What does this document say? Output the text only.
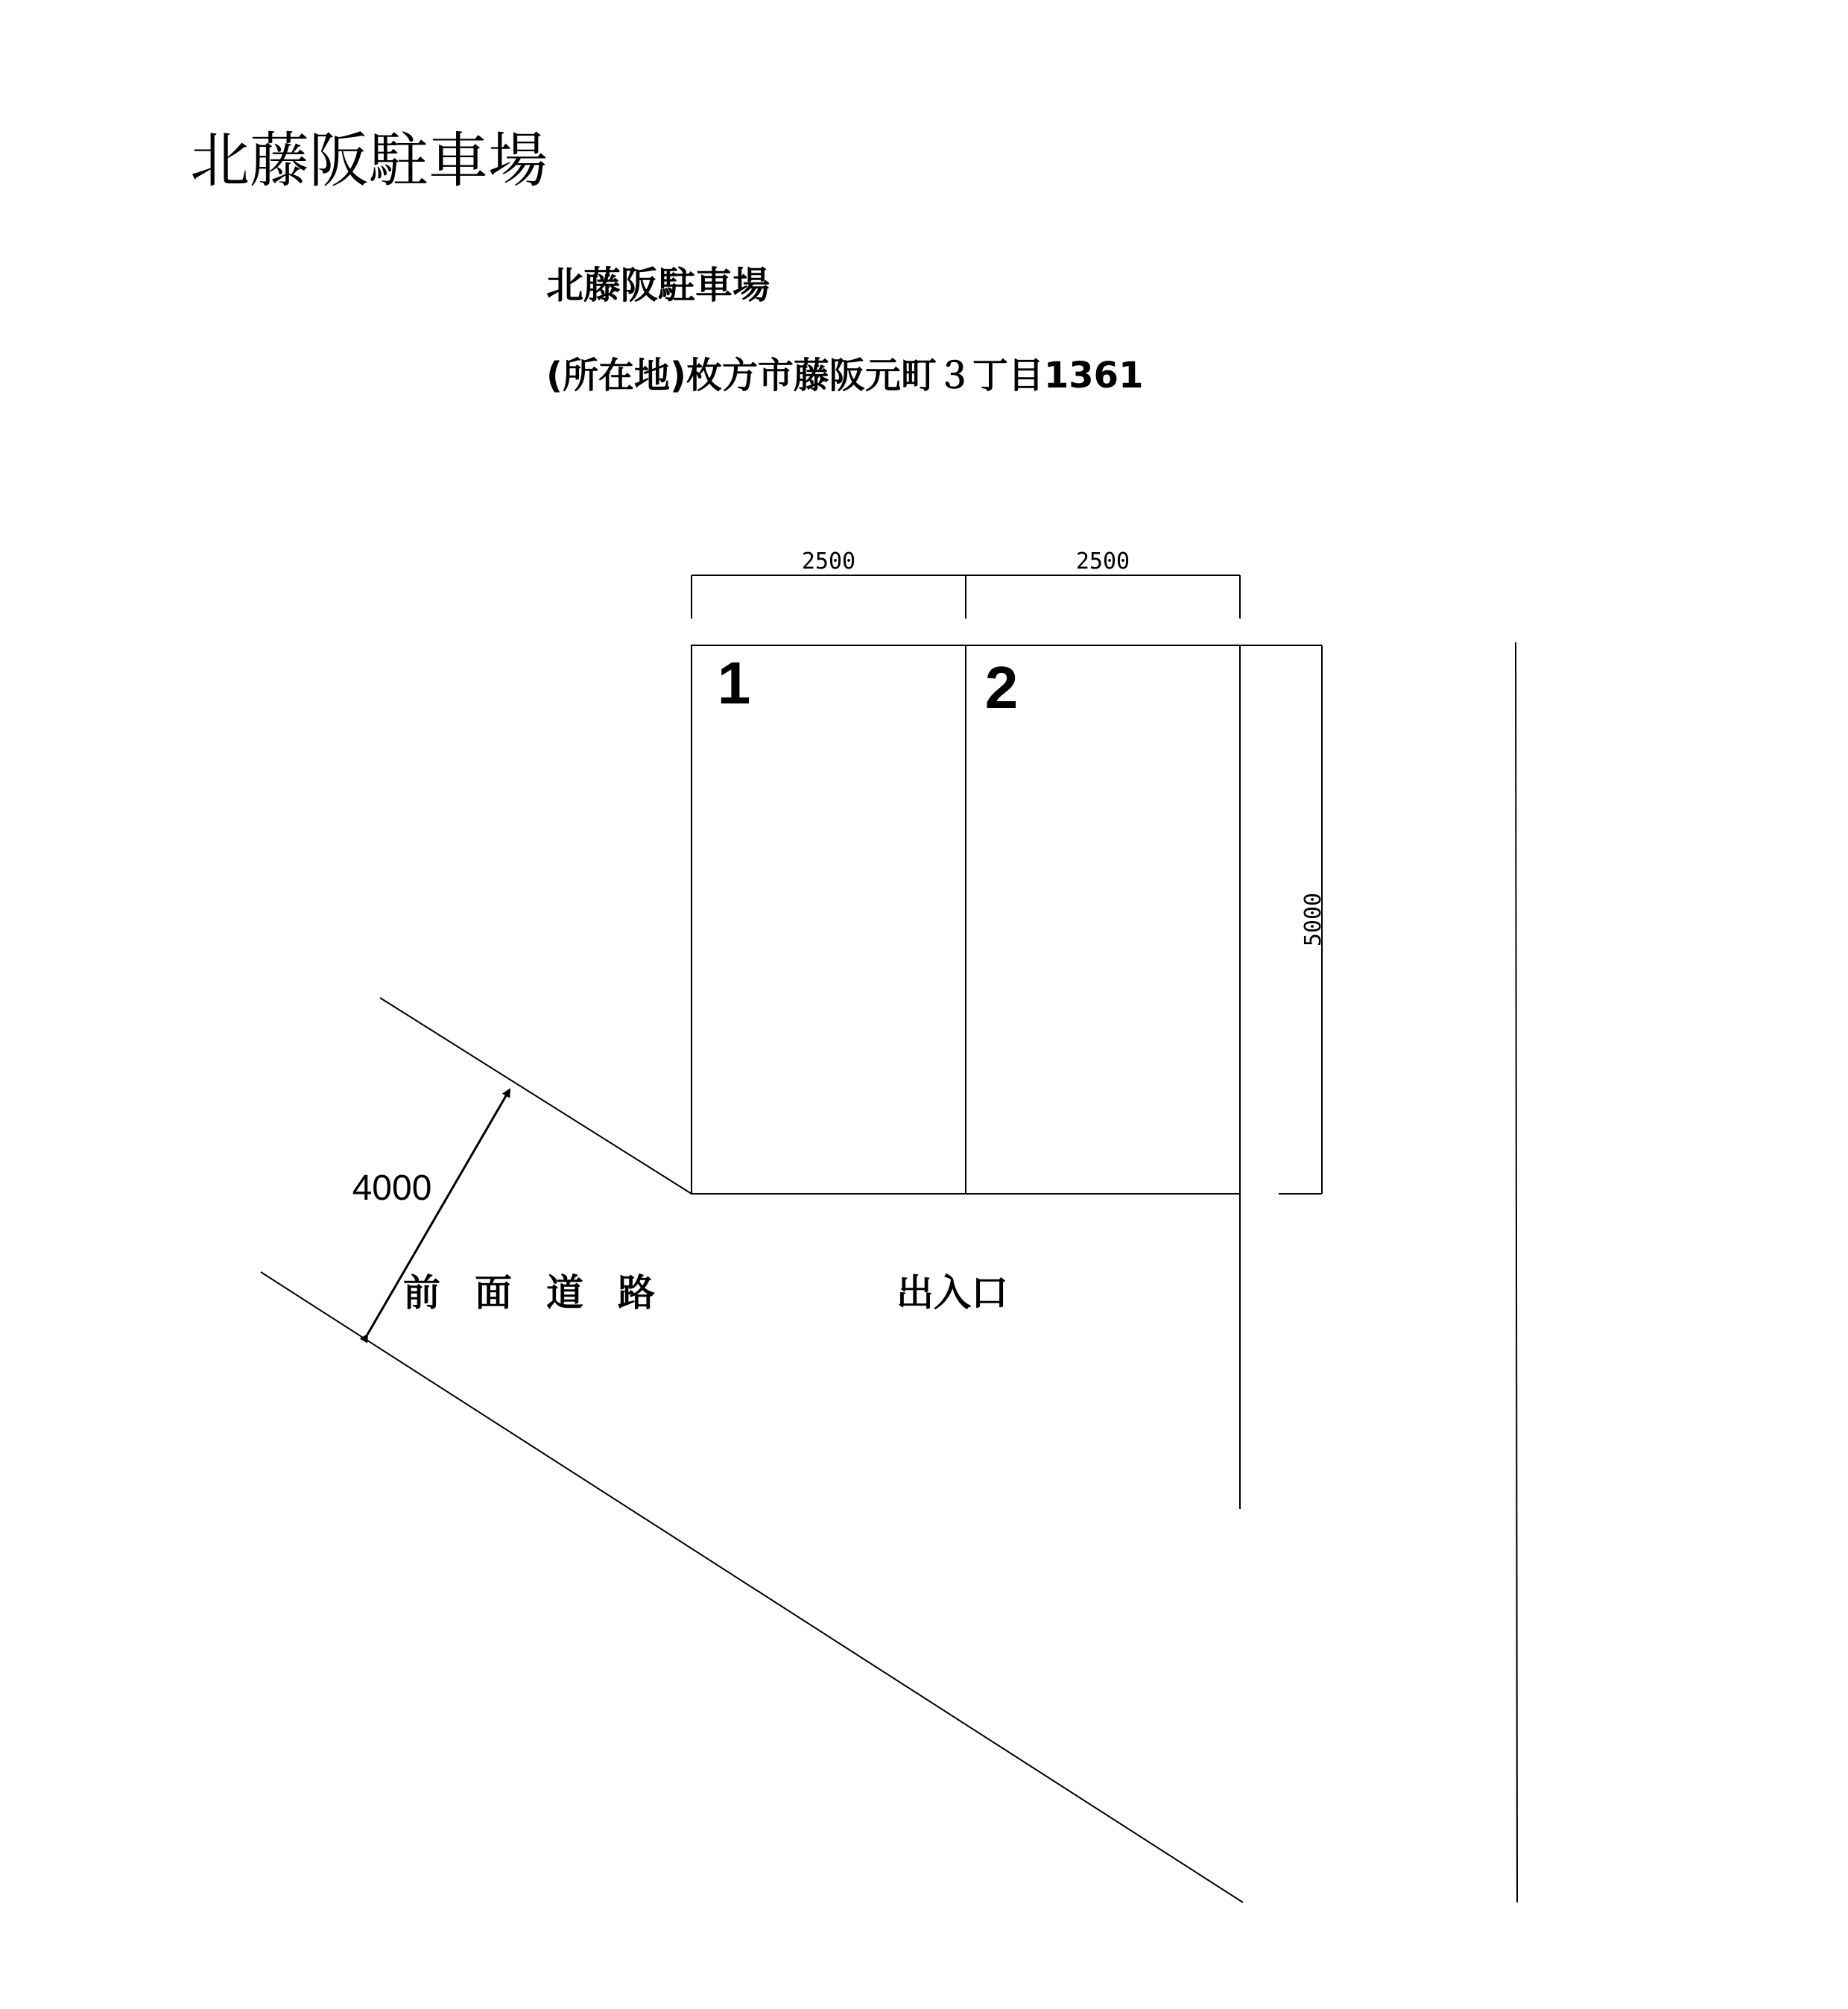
北藤阪駐車場
北藤阪駐車場
(所在地)枚方市藤阪元町３丁目1361
2500	2500
5000
4000
1	2
前面道路	出入口
